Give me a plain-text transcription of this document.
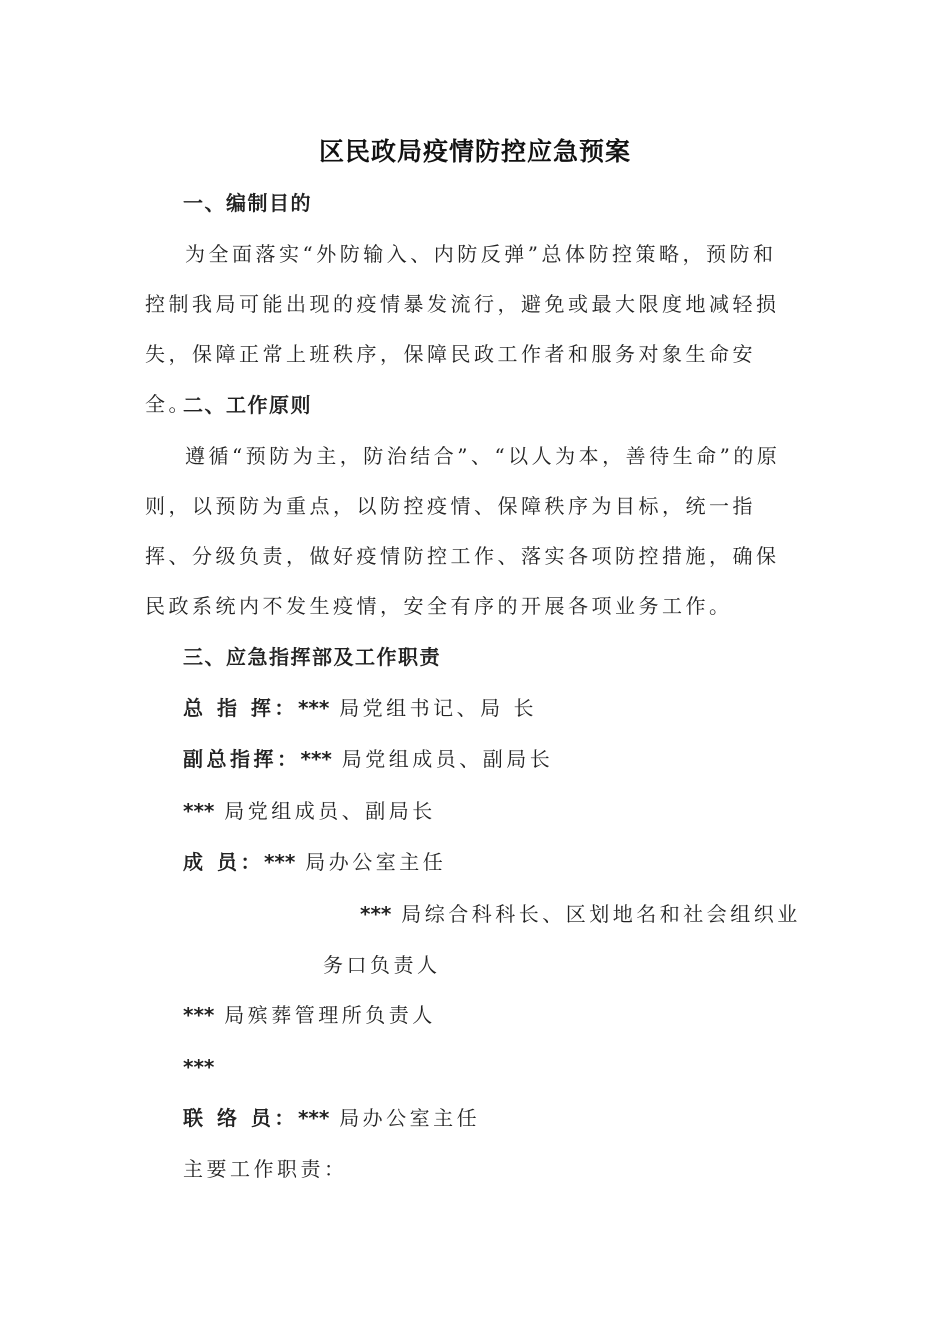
区民政局疫情防控应急预案
一、编制目的
为全面落实“外防输入、内防反弹”总体防控策略，预防和控制我局可能出现的疫情暴发流行，避免或最大限度地减轻损失，保障正常上班秩序，保障民政工作者和服务对象生命安全。
二、工作原则
遵循“预防为主，防治结合”、“以人为本，善待生命”的原则，以预防为重点，以防控疫情、保障秩序为目标，统一指挥、分级负责，做好疫情防控工作、落实各项防控措施，确保民政系统内不发生疫情，安全有序的开展各项业务工作。
三、应急指挥部及工作职责
总 指 挥：*** 局党组书记、局 长
副总指挥：*** 局党组成员、副局长
*** 局党组成员、副局长
成 员：*** 局办公室主任
*** 局综合科科长、区划地名和社会组织业
务口负责人
*** 局殡葬管理所负责人
***
联 络 员：*** 局办公室主任
主要工作职责：
